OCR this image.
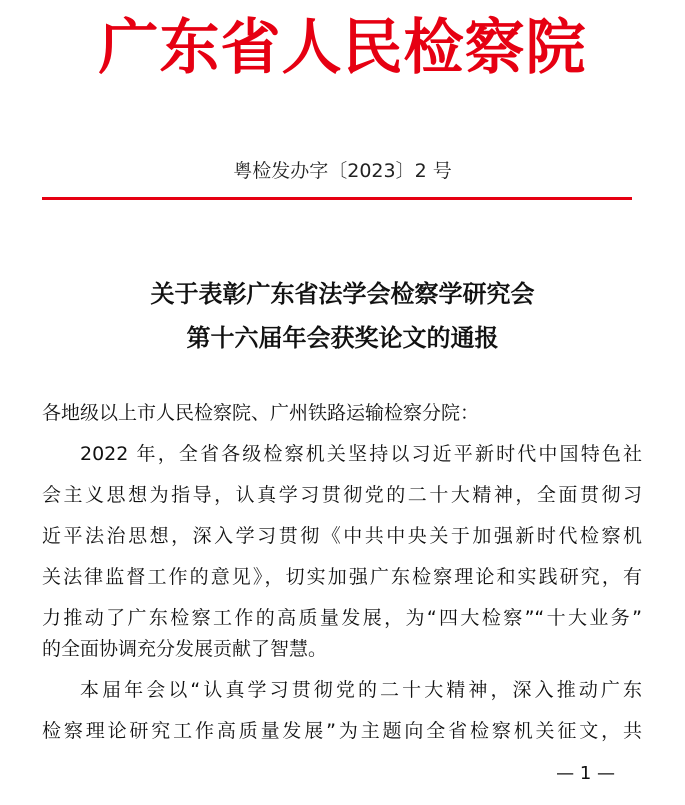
广东省人民检察院
粤检发办字〔2023〕2 号
关于表彰广东省法学会检察学研究会
第十六届年会获奖论文的通报
各地级以上市人民检察院、广州铁路运输检察分院：
2022 年，全省各级检察机关坚持以习近平新时代中国特色社
会主义思想为指导，认真学习贯彻党的二十大精神，全面贯彻习
近平法治思想，深入学习贯彻《中共中央关于加强新时代检察机
关法律监督工作的意见》，切实加强广东检察理论和实践研究，有
力推动了广东检察工作的高质量发展，为“四大检察”“十大业务”
的全面协调充分发展贡献了智慧。
本届年会以“认真学习贯彻党的二十大精神，深入推动广东
检察理论研究工作高质量发展”为主题向全省检察机关征文，共
— 1 —
